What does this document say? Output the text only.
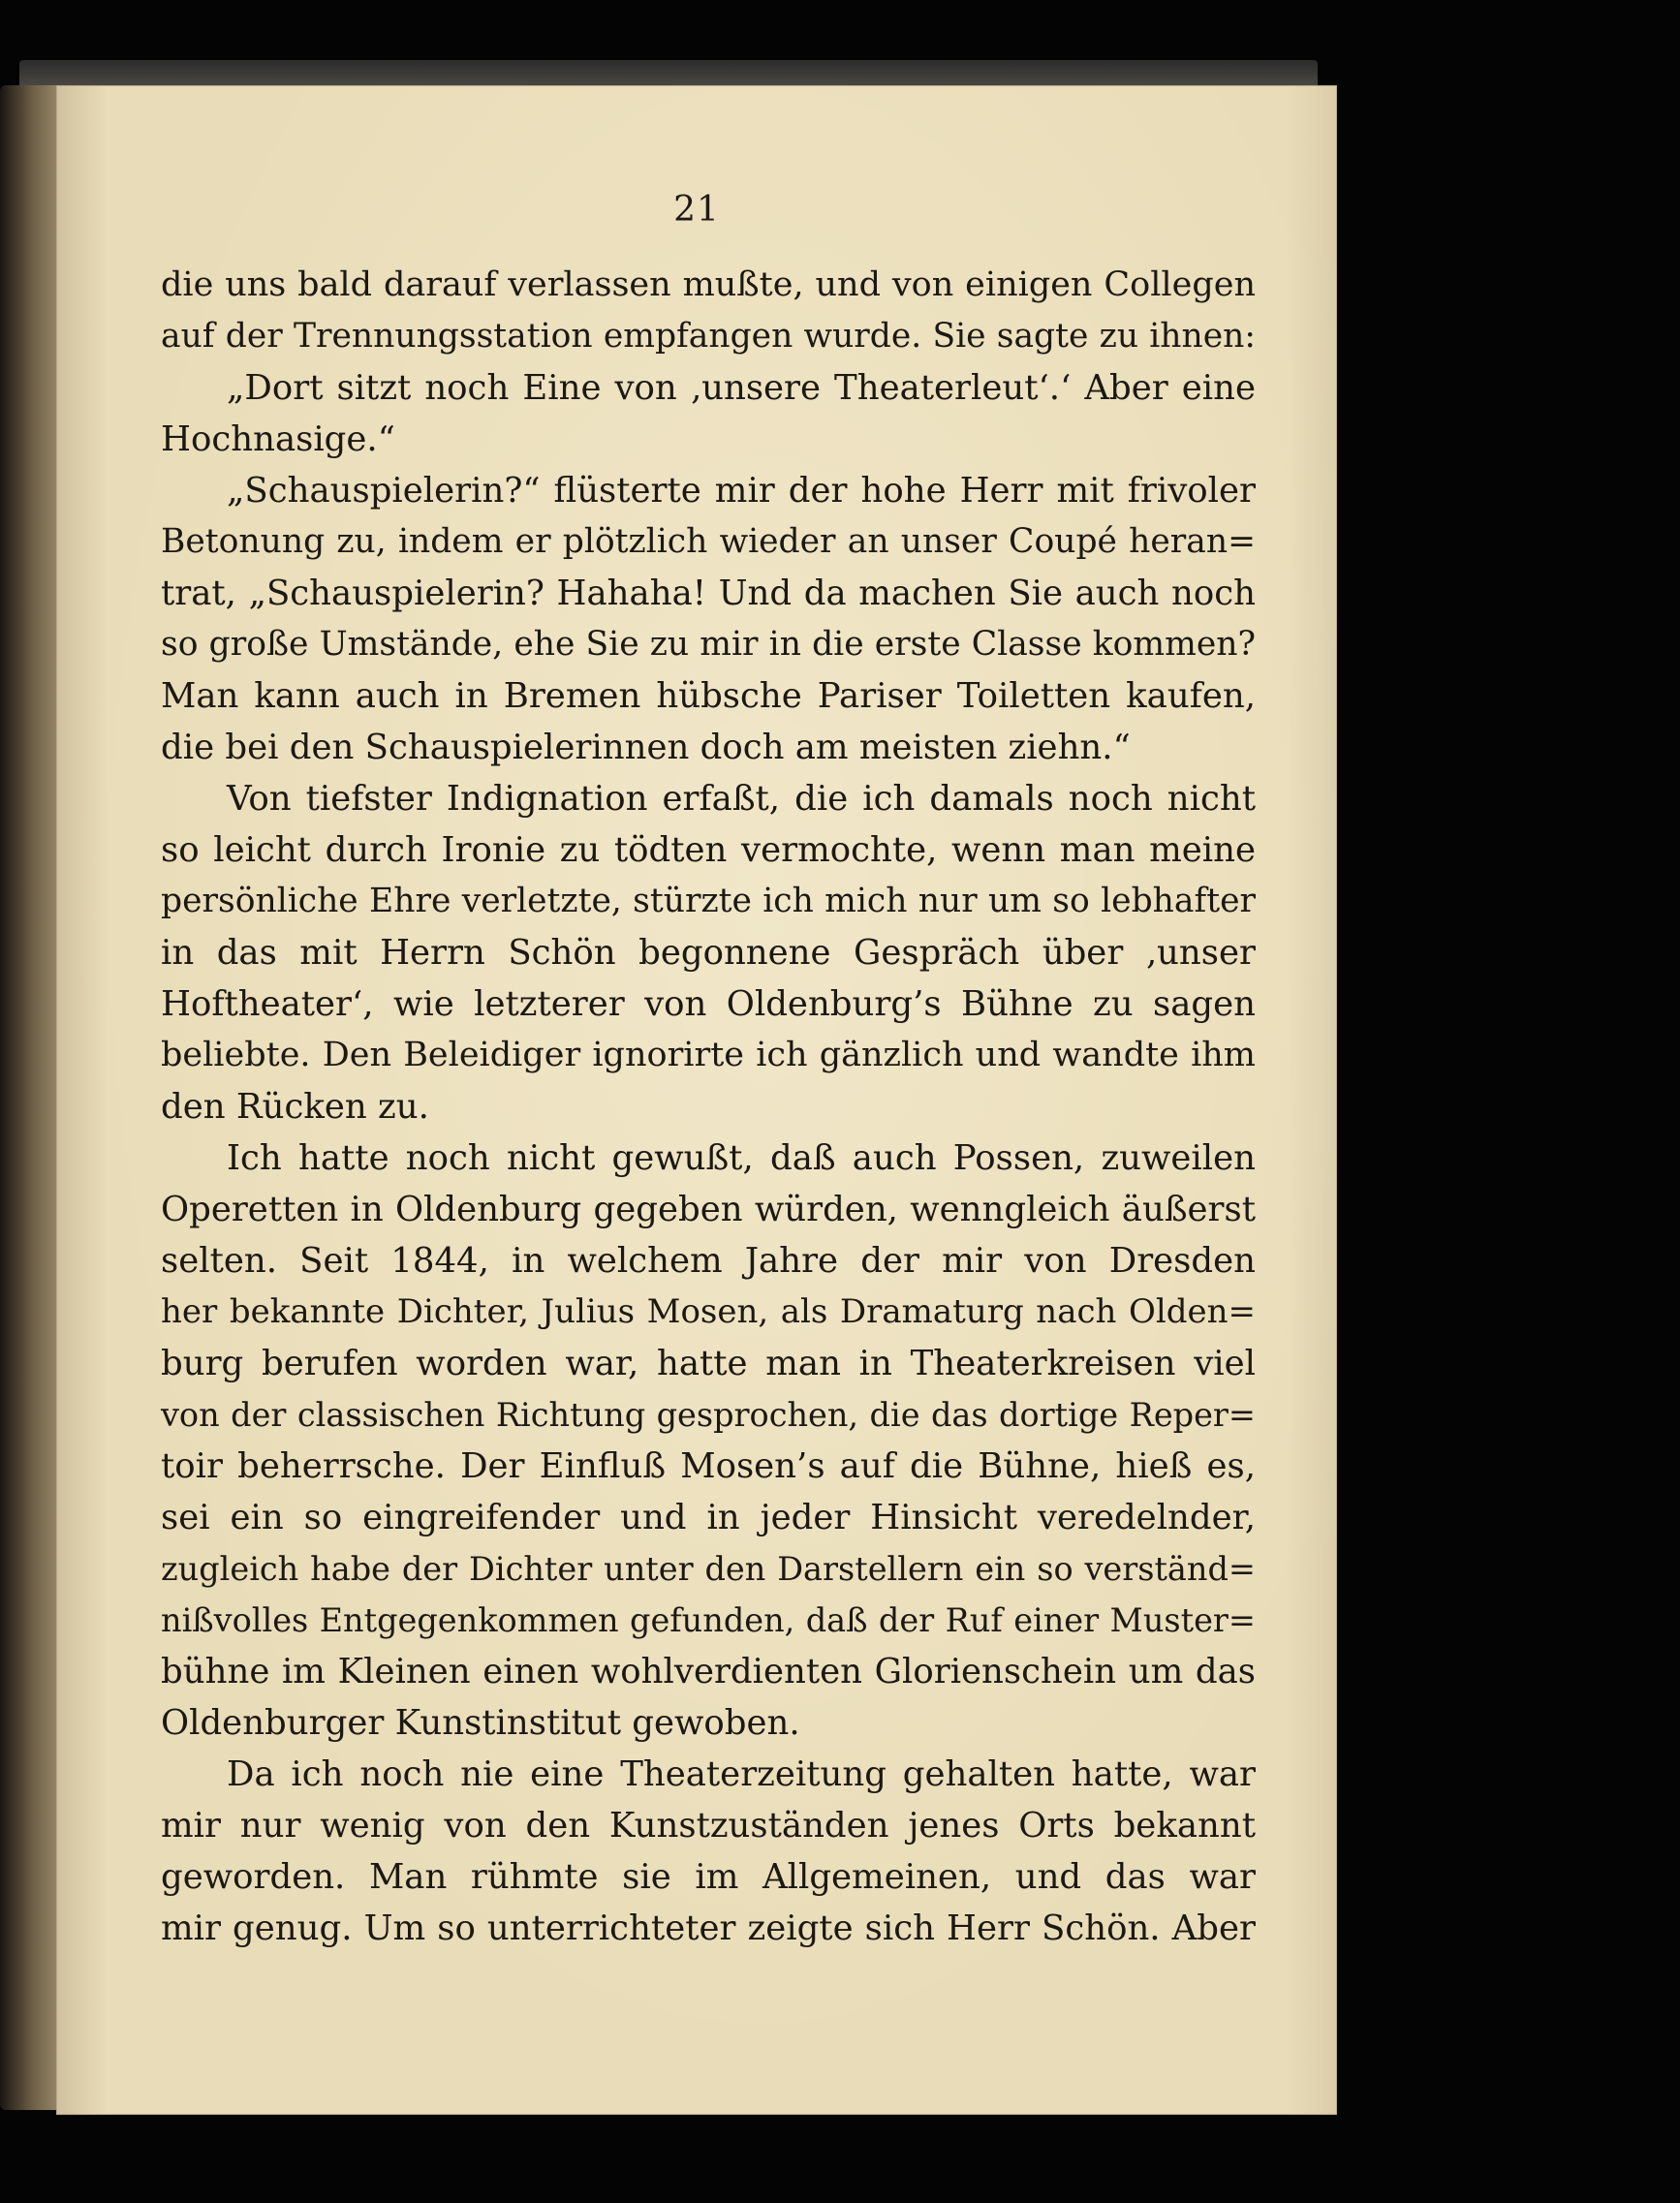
21
die uns bald darauf verlassen mußte, und von einigen Collegen
auf der Trennungsstation empfangen wurde. Sie sagte zu ihnen:
„Dort sitzt noch Eine von ‚unsere Theaterleut‘.‘ Aber eine
Hochnasige.“
„Schauspielerin?“ flüsterte mir der hohe Herr mit frivoler
Betonung zu, indem er plötzlich wieder an unser Coupé heran=
trat, „Schauspielerin? Hahaha! Und da machen Sie auch noch
so große Umstände, ehe Sie zu mir in die erste Classe kommen?
Man kann auch in Bremen hübsche Pariser Toiletten kaufen,
die bei den Schauspielerinnen doch am meisten ziehn.“
Von tiefster Indignation erfaßt, die ich damals noch nicht
so leicht durch Ironie zu tödten vermochte, wenn man meine
persönliche Ehre verletzte, stürzte ich mich nur um so lebhafter
in das mit Herrn Schön begonnene Gespräch über ‚unser
Hoftheater‘, wie letzterer von Oldenburg’s Bühne zu sagen
beliebte. Den Beleidiger ignorirte ich gänzlich und wandte ihm
den Rücken zu.
Ich hatte noch nicht gewußt, daß auch Possen, zuweilen
Operetten in Oldenburg gegeben würden, wenngleich äußerst
selten. Seit 1844, in welchem Jahre der mir von Dresden
her bekannte Dichter, Julius Mosen, als Dramaturg nach Olden=
burg berufen worden war, hatte man in Theaterkreisen viel
von der classischen Richtung gesprochen, die das dortige Reper=
toir beherrsche. Der Einfluß Mosen’s auf die Bühne, hieß es,
sei ein so eingreifender und in jeder Hinsicht veredelnder,
zugleich habe der Dichter unter den Darstellern ein so verständ=
nißvolles Entgegenkommen gefunden, daß der Ruf einer Muster=
bühne im Kleinen einen wohlverdienten Glorienschein um das
Oldenburger Kunstinstitut gewoben.
Da ich noch nie eine Theaterzeitung gehalten hatte, war
mir nur wenig von den Kunstzuständen jenes Orts bekannt
geworden. Man rühmte sie im Allgemeinen, und das war
mir genug. Um so unterrichteter zeigte sich Herr Schön. Aber
